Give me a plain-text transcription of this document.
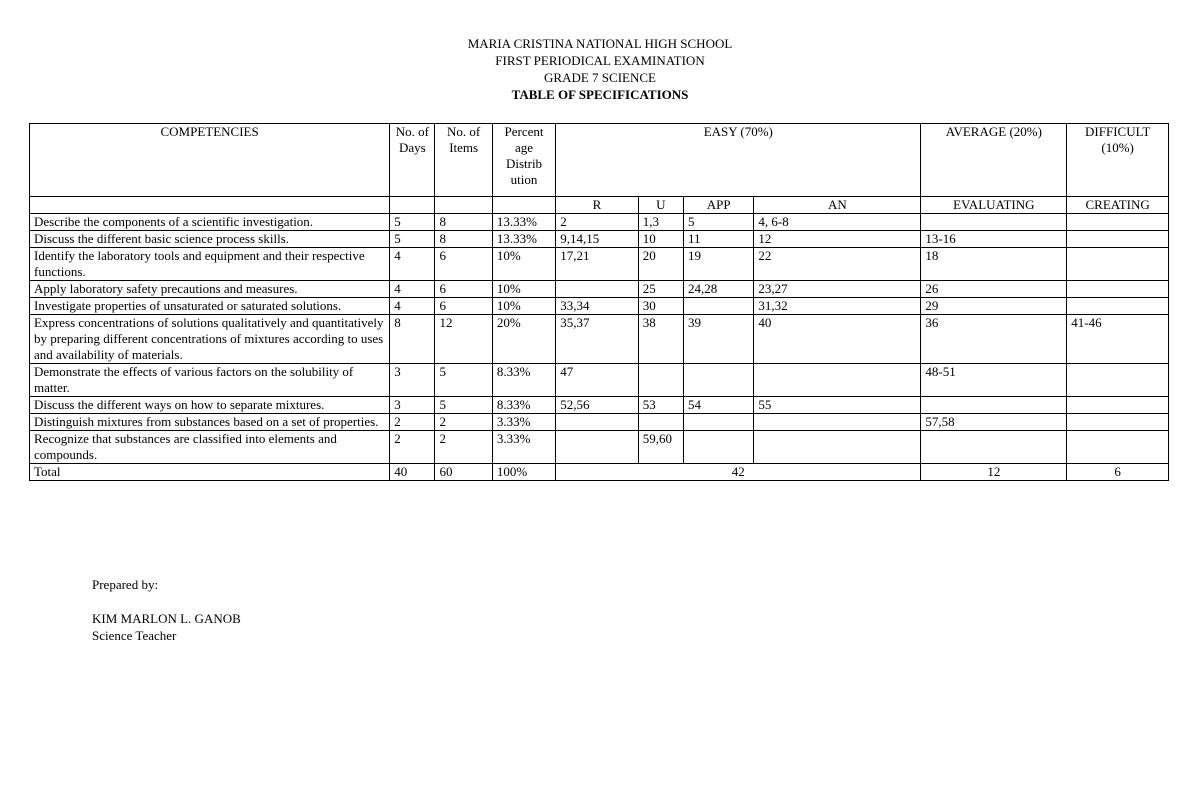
MARIA CRISTINA NATIONAL HIGH SCHOOL
FIRST PERIODICAL EXAMINATION
GRADE 7 SCIENCE
TABLE OF SPECIFICATIONS
COMPETENCIES	No. of Days	No. of Items	Percent age Distrib ution	EASY (70%)				AVERAGE (20%)	DIFFICULT (10%)
				R	U	APP	AN	EVALUATING	CREATING
Describe the components of a scientific investigation.	5	8	13.33%	2	1,3	5	4, 6-8		
Discuss the different basic science process skills.	5	8	13.33%	9,14,15	10	11	12	13-16	
Identify the laboratory tools and equipment and their respective functions.	4	6	10%	17,21	20	19	22	18	
Apply laboratory safety precautions and measures.	4	6	10%		25	24,28	23,27	26	
Investigate properties of unsaturated or saturated solutions.	4	6	10%	33,34	30		31,32	29	
Express concentrations of solutions qualitatively and quantitatively by preparing different concentrations of mixtures according to uses and availability of materials.	8	12	20%	35,37	38	39	40	36	41-46
Demonstrate the effects of various factors on the solubility of matter.	3	5	8.33%	47				48-51	
Discuss the different ways on how to separate mixtures.	3	5	8.33%	52,56	53	54	55		
Distinguish mixtures from substances based on a set of properties.	2	2	3.33%					57,58	
Recognize that substances are classified into elements and compounds.	2	2	3.33%		59,60				
Total	40	60	100%	42				12	6
Prepared by:
KIM MARLON L. GANOB
Science Teacher
